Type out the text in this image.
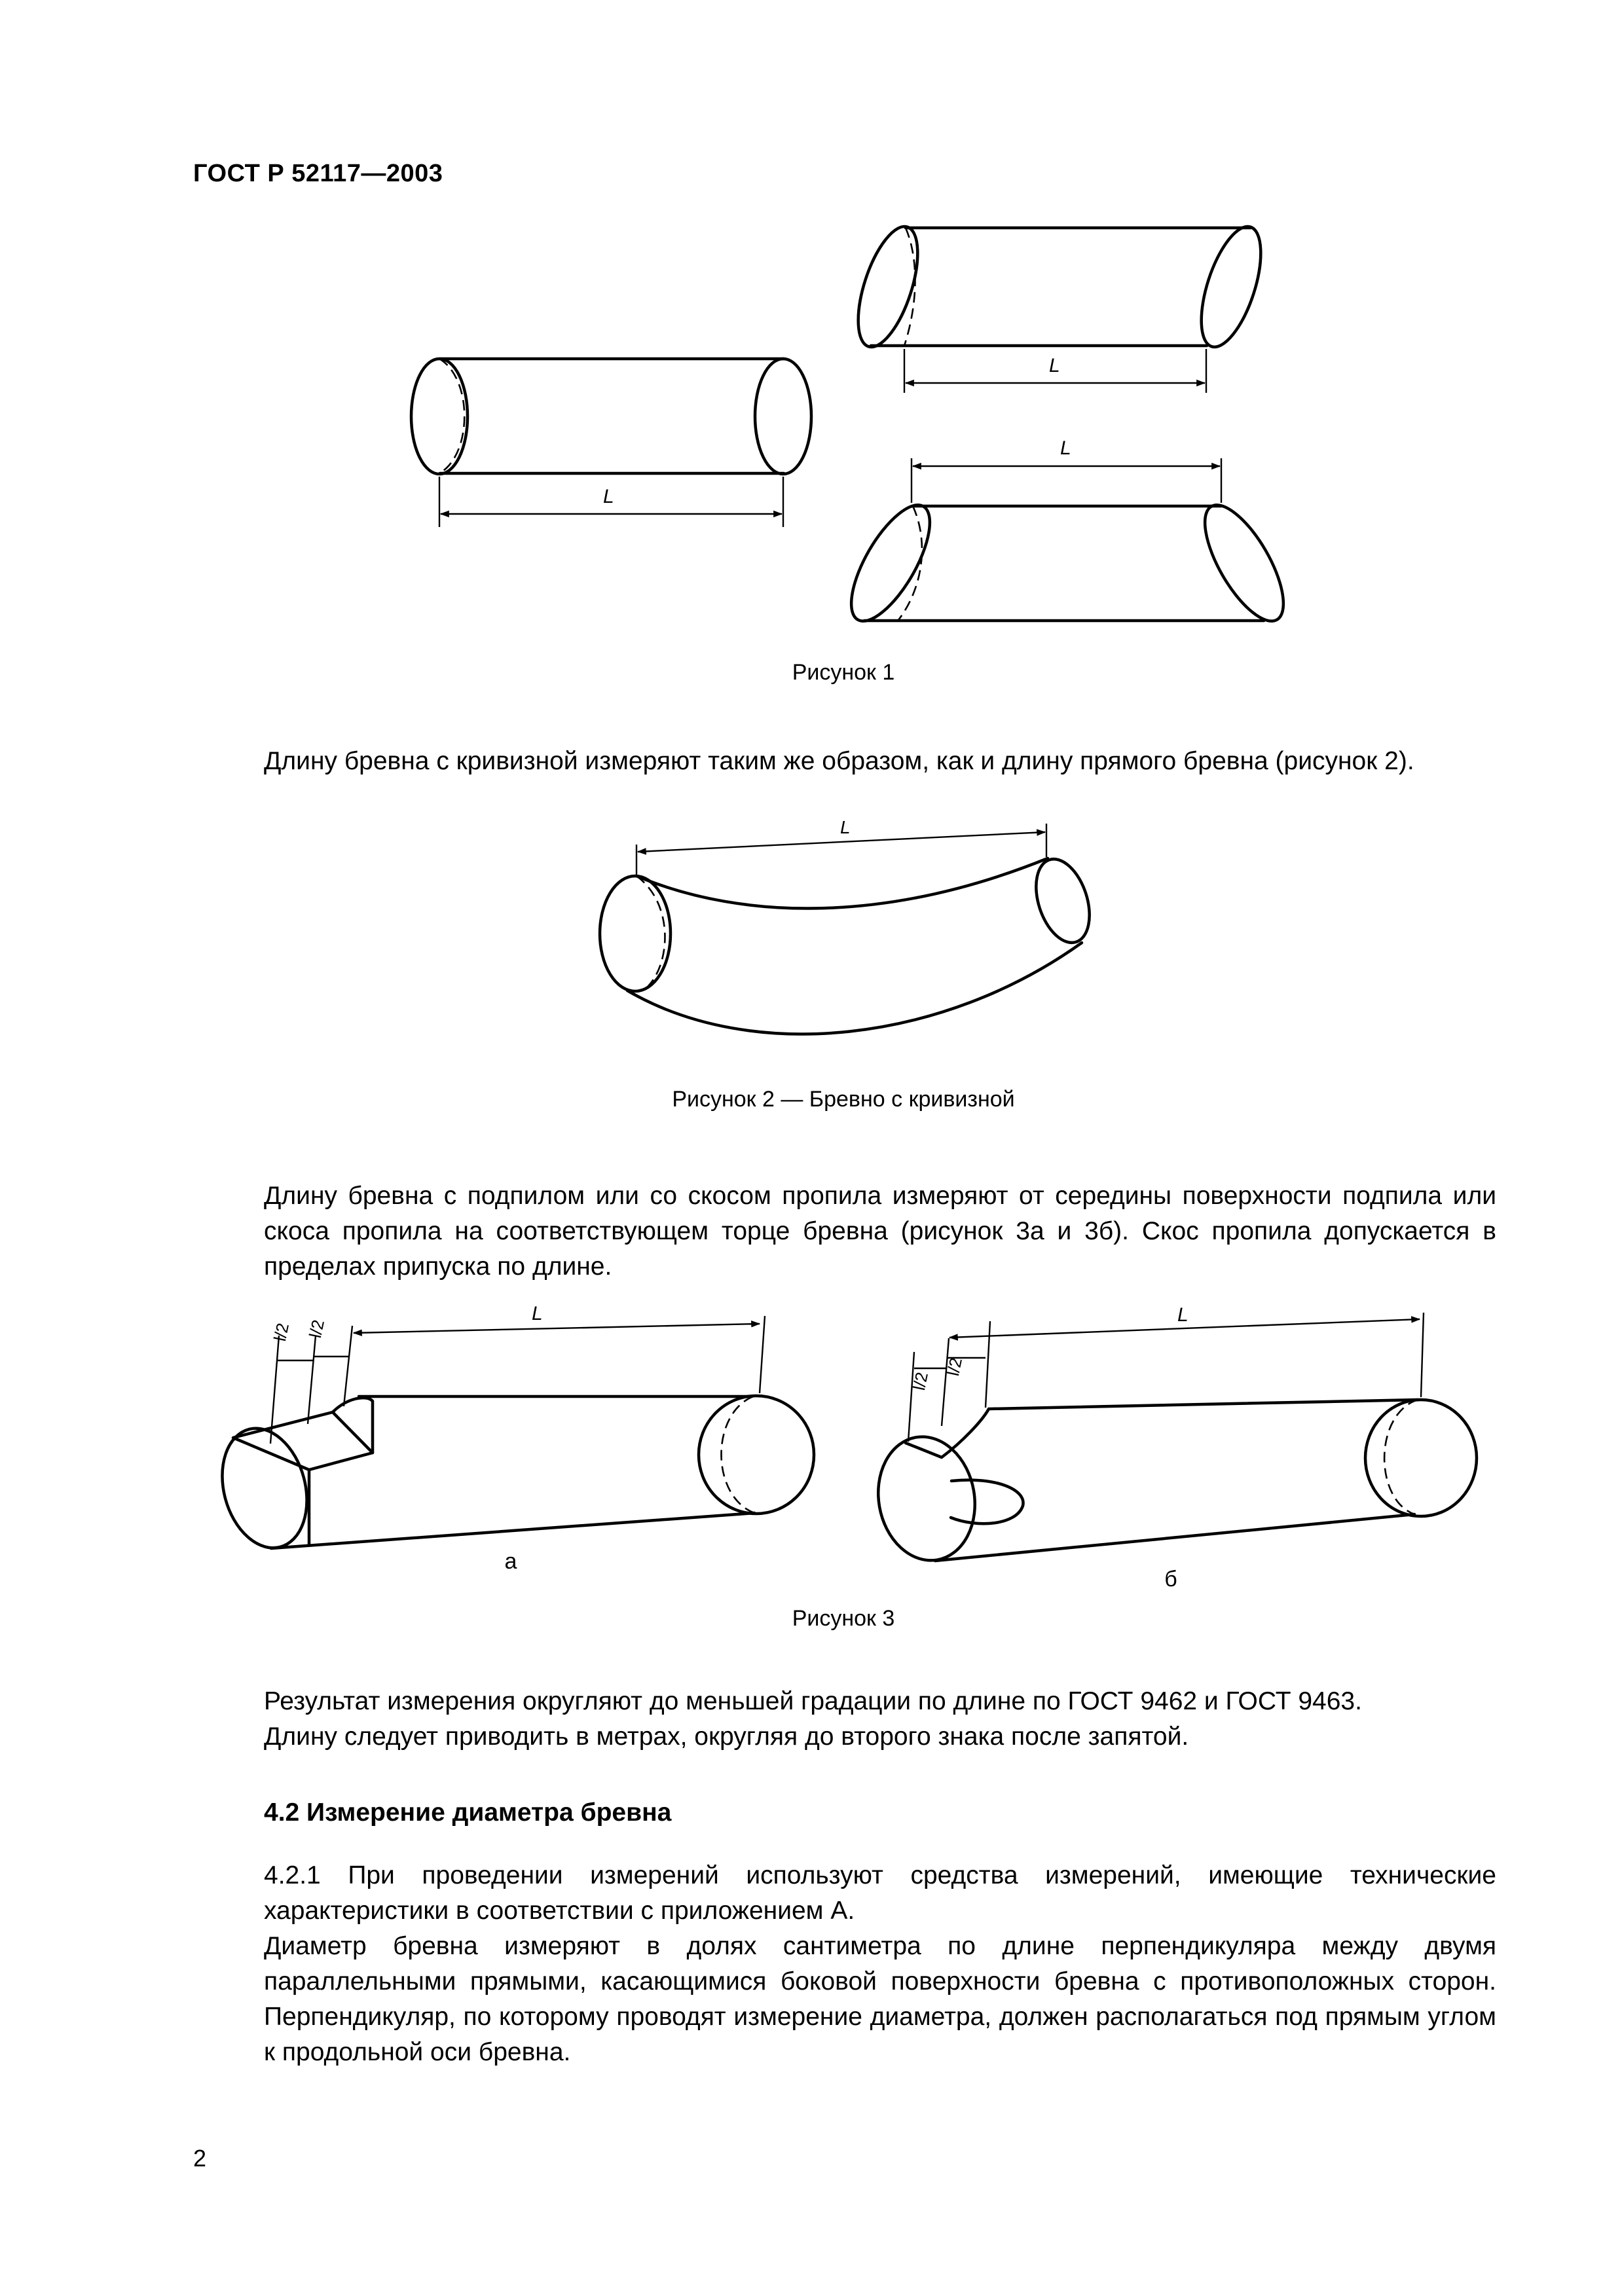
ГОСТ Р 52117—2003
L
L
L
L
L	L
l/2 l/2
l/2
l/2
Рисунок 1
Рисунок 2 — Бревно с кривизной
а
б
Рисунок 3

Длину бревна с кривизной измеряют таким же образом, как и длину прямого бревна (рисунок 2).

Длину бревна с подпилом или со скосом пропила измеряют от середины поверхности подпила или скоса пропила на соответствующем торце бревна (рисунок 3а и 3б). Скос пропила допускается в пределах припуска по длине.

Результат измерения округляют до меньшей градации по длине по ГОСТ 9462 и ГОСТ 9463.

Длину следует приводить в метрах, округляя до второго знака после запятой.

4.2 Измерение диаметра бревна

4.2.1 При проведении измерений используют средства измерений, имеющие технические характеристики в соответствии с приложением А.

Диаметр бревна измеряют в долях сантиметра по длине перпендикуляра между двумя параллельными прямыми, касающимися боковой поверхности бревна с противоположных сторон. Перпендикуляр, по которому проводят измерение диаметра, должен располагаться под прямым углом к продольной оси бревна.

2
